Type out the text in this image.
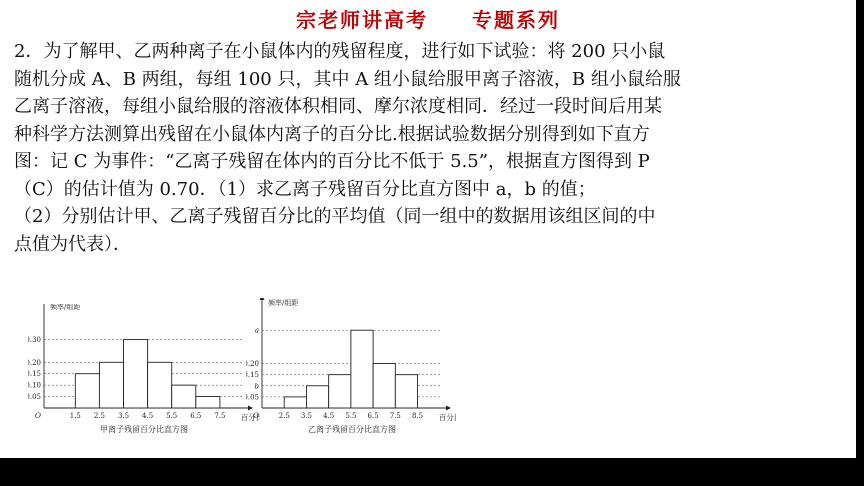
宗老师讲高考 专题系列

2．为了解甲、乙两种离子在小鼠体内的残留程度，进行如下试验：将 200 只小鼠

随机分成 A、B 两组，每组 100 只，其中 A 组小鼠给服甲离子溶液，B 组小鼠给服

乙离子溶液，每组小鼠给服的溶液体积相同、摩尔浓度相同．经过一段时间后用某

种科学方法测算出残留在小鼠体内离子的百分比.根据试验数据分别得到如下直方

图：记 C 为事件：“乙离子残留在体内的百分比不低于 5.5”，根据直方图得到 P

（C）的估计值为 0.70．（1）求乙离子残留百分比直方图中 a，b 的值；

（2）分别估计甲、乙离子残留百分比的平均值（同一组中的数据用该组区间的中

点值为代表）．

频率/组距
百分比
O
.30
.20
.15
.10
.05
1.5 2.5 3.5 4.5 5.5 6.5 7.5
甲离子残留百分比直方图
频率/组距
百分
O
a
.20
.15
b
.05
2.5 3.5 4.5 5.5 6.5 7.5 8.5
乙离子残留百分比直方图
